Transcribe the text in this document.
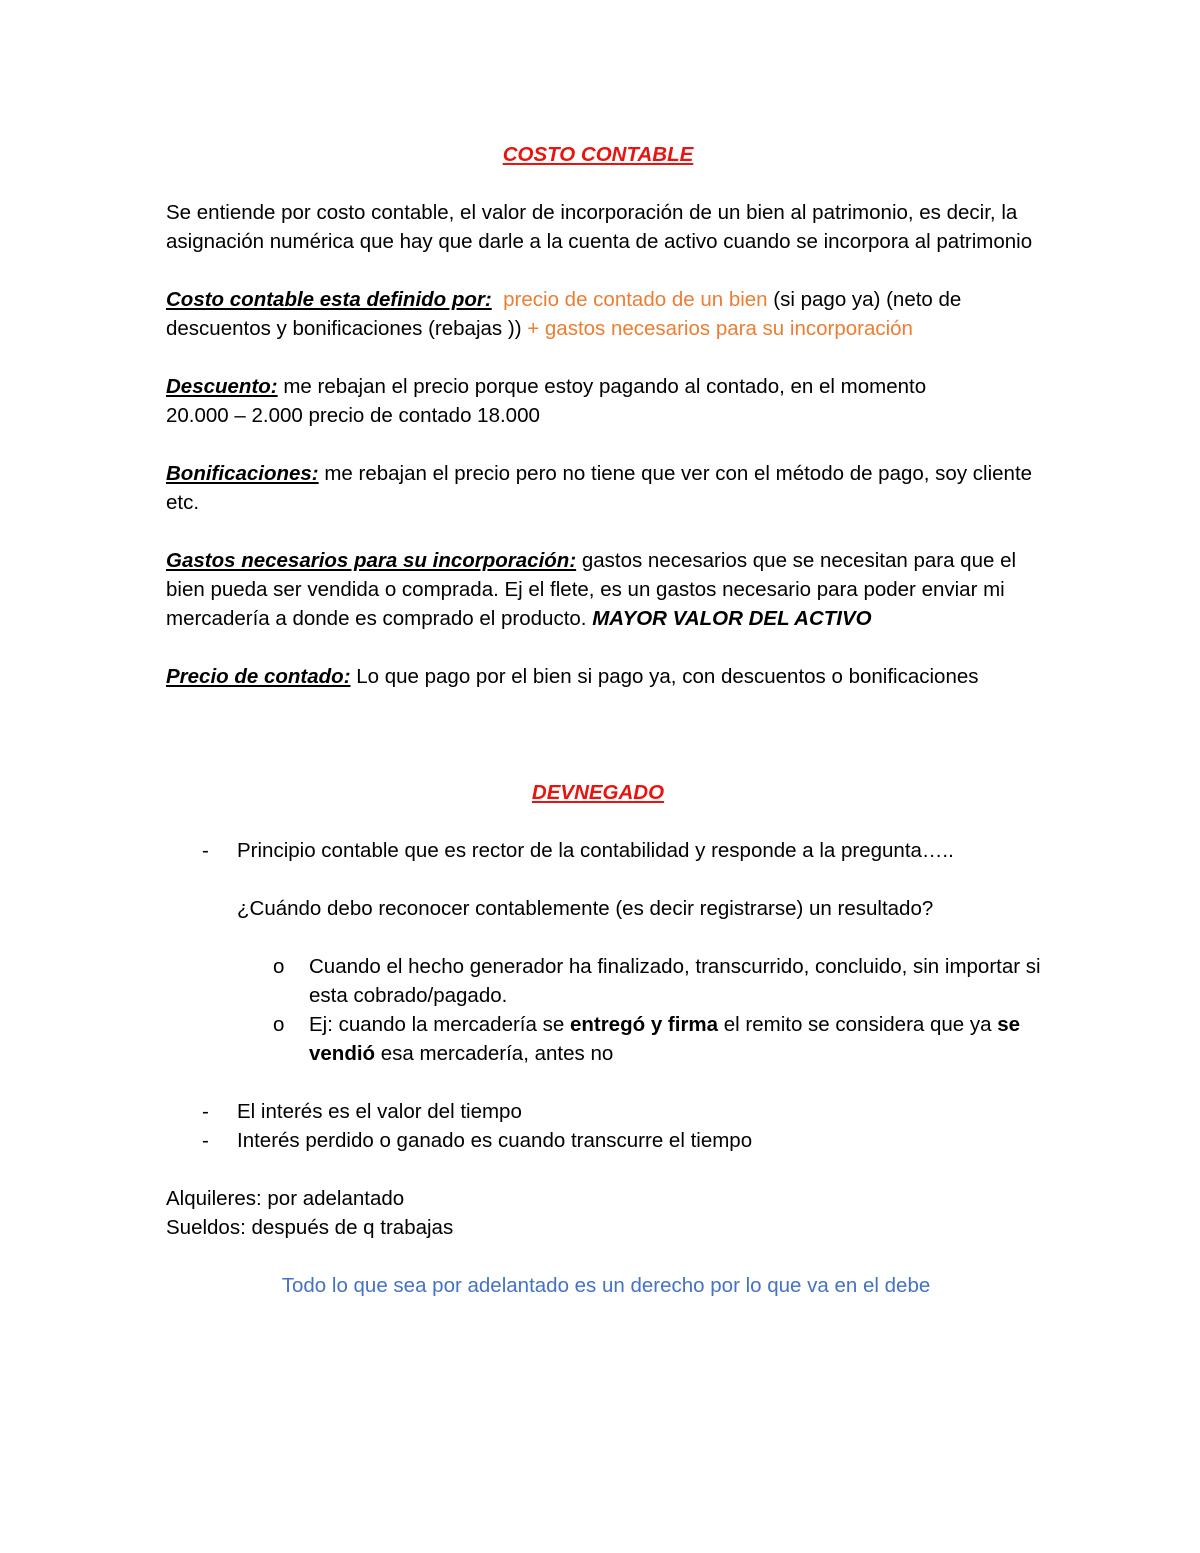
COSTO CONTABLE

Se entiende por costo contable, el valor de incorporación de un bien al patrimonio, es decir, la asignación numérica que hay que darle a la cuenta de activo cuando se incorpora al patrimonio

Costo contable esta definido por: precio de contado de un bien (si pago ya) (neto de descuentos y bonificaciones (rebajas )) + gastos necesarios para su incorporación

Descuento: me rebajan el precio porque estoy pagando al contado, en el momento

20.000 – 2.000 precio de contado 18.000

Bonificaciones: me rebajan el precio pero no tiene que ver con el método de pago, soy cliente etc.

Gastos necesarios para su incorporación: gastos necesarios que se necesitan para que el bien pueda ser vendida o comprada. Ej el flete, es un gastos necesario para poder enviar mi mercadería a donde es comprado el producto. MAYOR VALOR DEL ACTIVO

Precio de contado: Lo que pago por el bien si pago ya, con descuentos o bonificaciones

DEVNEGADO

- Principio contable que es rector de la contabilidad y responde a la pregunta…..

¿Cuándo debo reconocer contablemente (es decir registrarse) un resultado?

o Cuando el hecho generador ha finalizado, transcurrido, concluido, sin importar si esta cobrado/pagado.
o Ej: cuando la mercadería se entregó y firma el remito se considera que ya se vendió esa mercadería, antes no
- El interés es el valor del tiempo
- Interés perdido o ganado es cuando transcurre el tiempo

Alquileres: por adelantado

Sueldos: después de q trabajas

Todo lo que sea por adelantado es un derecho por lo que va en el debe
